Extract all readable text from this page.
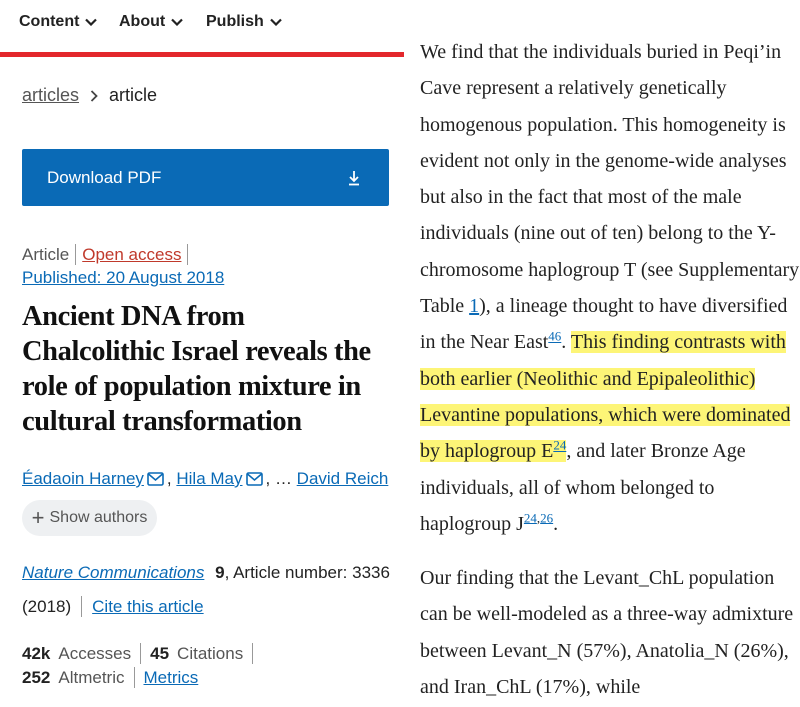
Content About	Publish
articles article
Download PDF
Article Open access
Published: 20 August 2018
Ancient DNA from Chalcolithic Israel reveals the role of population mixture in cultural transformation
Éadaoin Harney , Hila May , … David Reich
+ Show authors
Nature Communications 9, Article number: 3336
(2018) Cite this article
42k Accesses 45 Citations
252 Altmetric Metrics

We find that the individuals buried in Peqi’in Cave represent a relatively genetically homogenous population. This homogeneity is evident not only in the genome-wide analyses but also in the fact that most of the male individuals (nine out of ten) belong to the Y-chromosome haplogroup T (see Supplementary Table 1), a lineage thought to have diversified in the Near East$^{46}$. This finding contrasts with both earlier (Neolithic and Epipaleolithic) Levantine populations, which were dominated by haplogroup $E^{24}$, and later Bronze Age individuals, all of whom belonged to haplogroup J$^{24,26}$.

Our finding that the Levant_ChL population can be well-modeled as a three-way admixture between Levant_N (57%), Anatolia_N (26%), and Iran_ChL (17%), while
